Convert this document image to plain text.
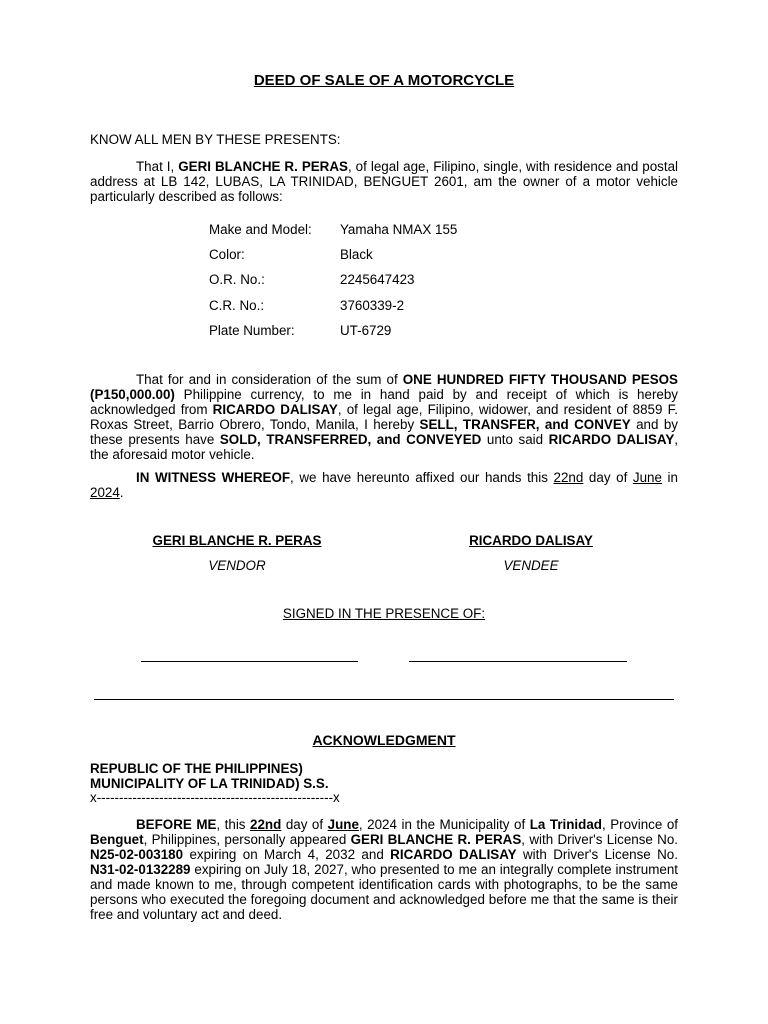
DEED OF SALE OF A MOTORCYCLE
KNOW ALL MEN BY THESE PRESENTS:
That I, GERI BLANCHE R. PERAS, of legal age, Filipino, single, with residence and postal address at LB 142, LUBAS, LA TRINIDAD, BENGUET 2601, am the owner of a motor vehicle particularly described as follows:
Make and Model:	Yamaha NMAX 155
Color:	Black
O.R. No.:	2245647423
C.R. No.:	3760339-2
Plate Number:	UT-6729
That for and in consideration of the sum of ONE HUNDRED FIFTY THOUSAND PESOS (P150,000.00) Philippine currency, to me in hand paid by and receipt of which is hereby acknowledged from RICARDO DALISAY, of legal age, Filipino, widower, and resident of 8859 F. Roxas Street, Barrio Obrero, Tondo, Manila, I hereby SELL, TRANSFER, and CONVEY and by these presents have SOLD, TRANSFERRED, and CONVEYED unto said RICARDO DALISAY, the aforesaid motor vehicle.
IN WITNESS WHEREOF, we have hereunto affixed our hands this 22nd day of June in 2024.
GERI BLANCHE R. PERAS
VENDOR
RICARDO DALISAY
VENDEE
SIGNED IN THE PRESENCE OF:
ACKNOWLEDGMENT
REPUBLIC OF THE PHILIPPINES)
MUNICIPALITY OF LA TRINIDAD) S.S.
x-----------------------------------------------------x
BEFORE ME, this 22nd day of June, 2024 in the Municipality of La Trinidad, Province of Benguet, Philippines, personally appeared GERI BLANCHE R. PERAS, with Driver's License No. N25-02-003180 expiring on March 4, 2032 and RICARDO DALISAY with Driver's License No. N31-02-0132289 expiring on July 18, 2027, who presented to me an integrally complete instrument and made known to me, through competent identification cards with photographs, to be the same persons who executed the foregoing document and acknowledged before me that the same is their free and voluntary act and deed.
